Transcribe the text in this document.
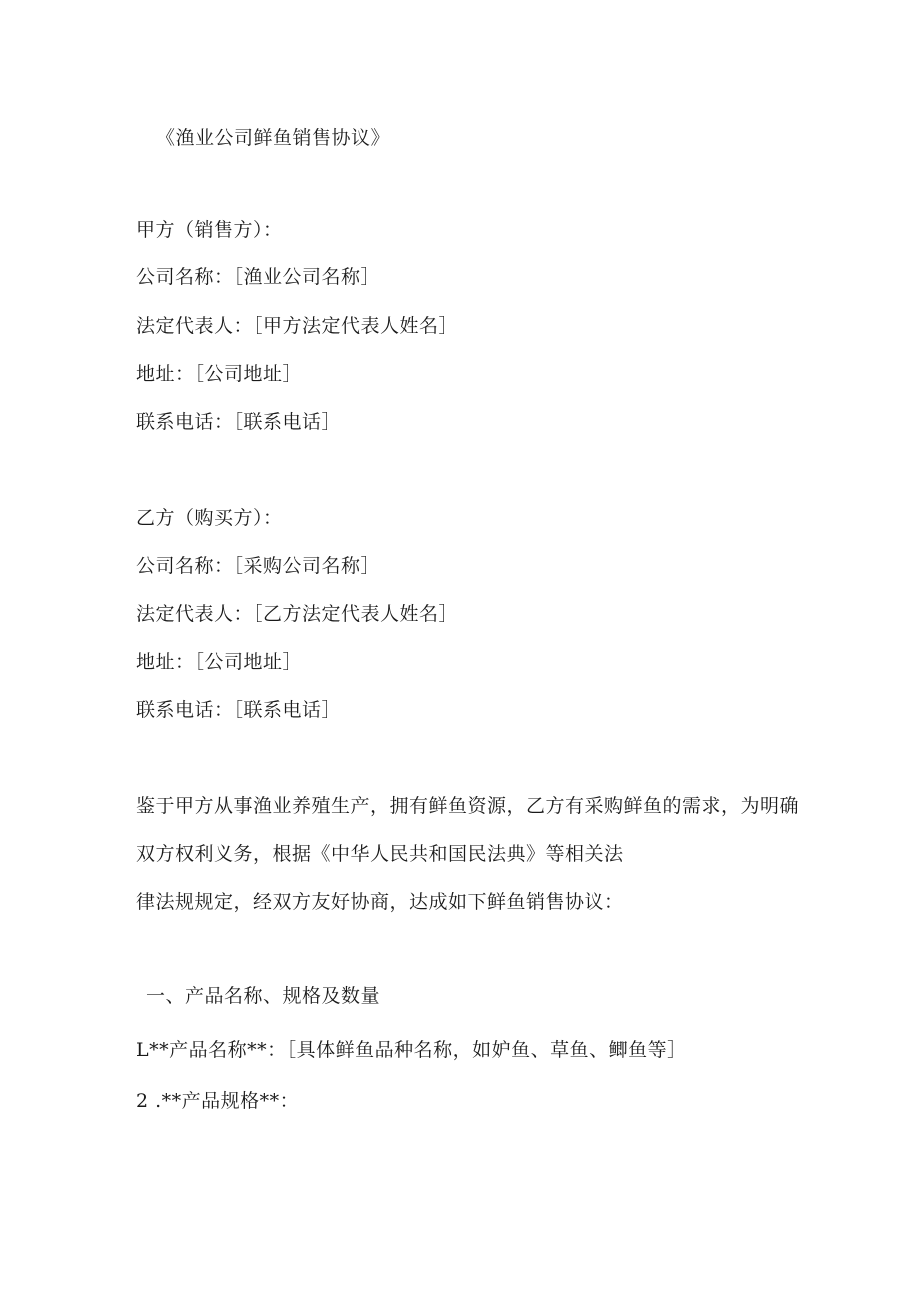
《渔业公司鲜鱼销售协议》
甲方（销售方）：
公司名称：［渔业公司名称］
法定代表人：［甲方法定代表人姓名］
地址：［公司地址］
联系电话：［联系电话］
乙方（购买方）：
公司名称：［采购公司名称］
法定代表人：［乙方法定代表人姓名］
地址：［公司地址］
联系电话：［联系电话］
鉴于甲方从事渔业养殖生产，拥有鲜鱼资源，乙方有采购鲜鱼的需求，为明确
双方权利义务，根据《中华人民共和国民法典》等相关法
律法规规定，经双方友好协商，达成如下鲜鱼销售协议：
一、产品名称、规格及数量
L**产品名称**：［具体鲜鱼品种名称，如妒鱼、草鱼、鲫鱼等］
2 .**产品规格**：
